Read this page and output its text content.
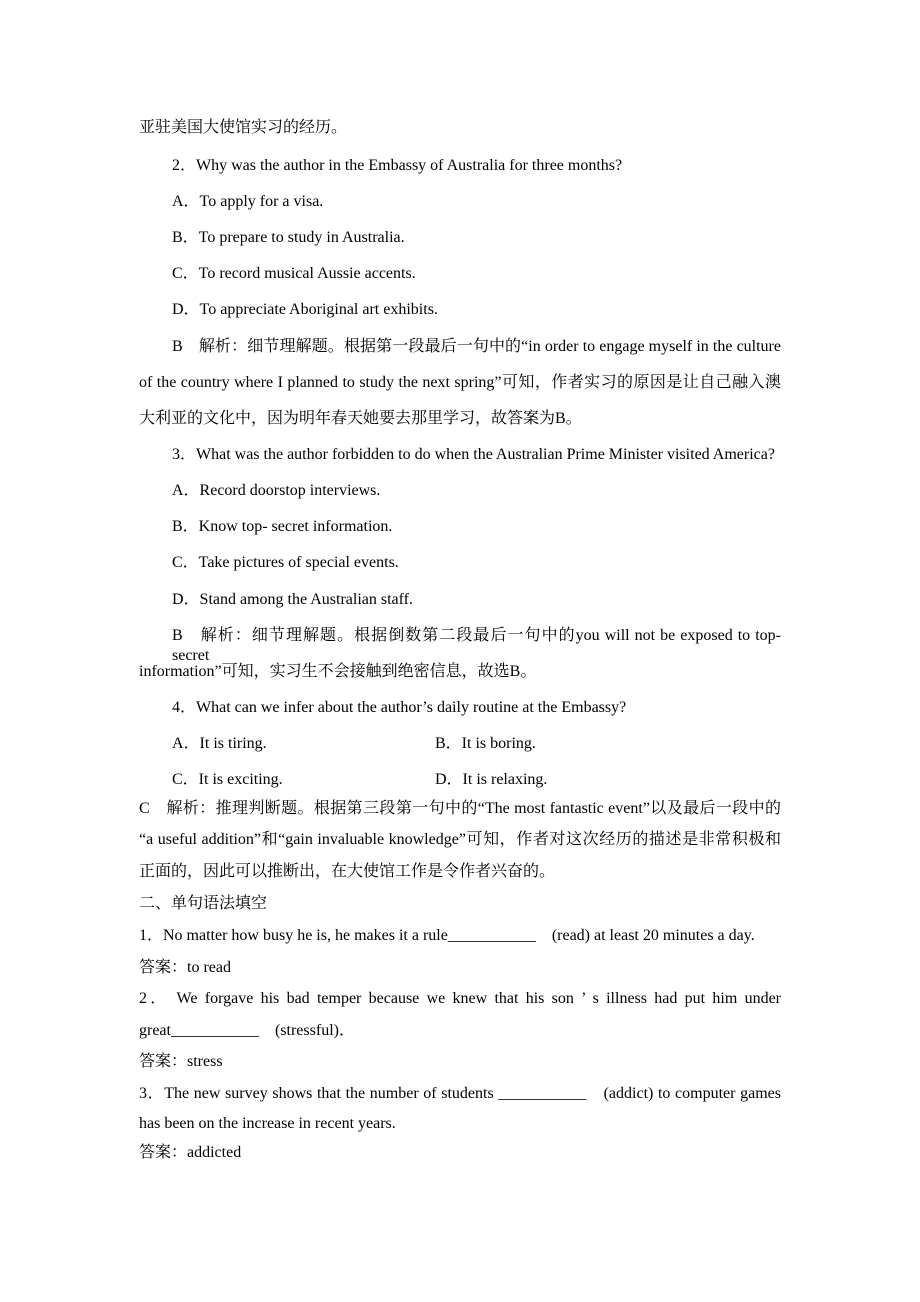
亚驻美国大使馆实习的经历。
2．Why was the author in the Embassy of Australia for three months?
A．To apply for a visa.
B．To prepare to study in Australia.
C．To record musical Aussie accents.
D．To appreciate Aboriginal art exhibits.
B　解析：细节理解题。根据第一段最后一句中的“in order to engage myself in the culture
of the country where I planned to study the next spring”可知，作者实习的原因是让自己融入澳
大利亚的文化中，因为明年春天她要去那里学习，故答案为B。
3．What was the author forbidden to do when the Australian Prime Minister visited America?
A．Record doorstop interviews.
B．Know top- secret information.
C．Take pictures of special events.
D．Stand among the Australian staff.
B　解析：细节理解题。根据倒数第二段最后一句中的you will not be exposed to top-secret
information”可知，实习生不会接触到绝密信息，故选B。
4．What can we infer about the author’s daily routine at the Embassy?
A．It is tiring.	B．It is boring.
C．It is exciting.	D．It is relaxing.
C　解析：推理判断题。根据第三段第一句中的“The most fantastic event”以及最后一段中的
“a useful addition”和“gain invaluable knowledge”可知，作者对这次经历的描述是非常积极和
正面的，因此可以推断出，在大使馆工作是令作者兴奋的。
二、单句语法填空
1．No matter how busy he is, he makes it a rule___________　(read) at least 20 minutes a day.
答案：to read
2． We forgave his bad temper because we knew that his son ’ s illness had put him under
great___________　(stressful)．
答案：stress
3．The new survey shows that the number of students ___________　(addict) to computer games
has been on the increase in recent years.
答案：addicted
